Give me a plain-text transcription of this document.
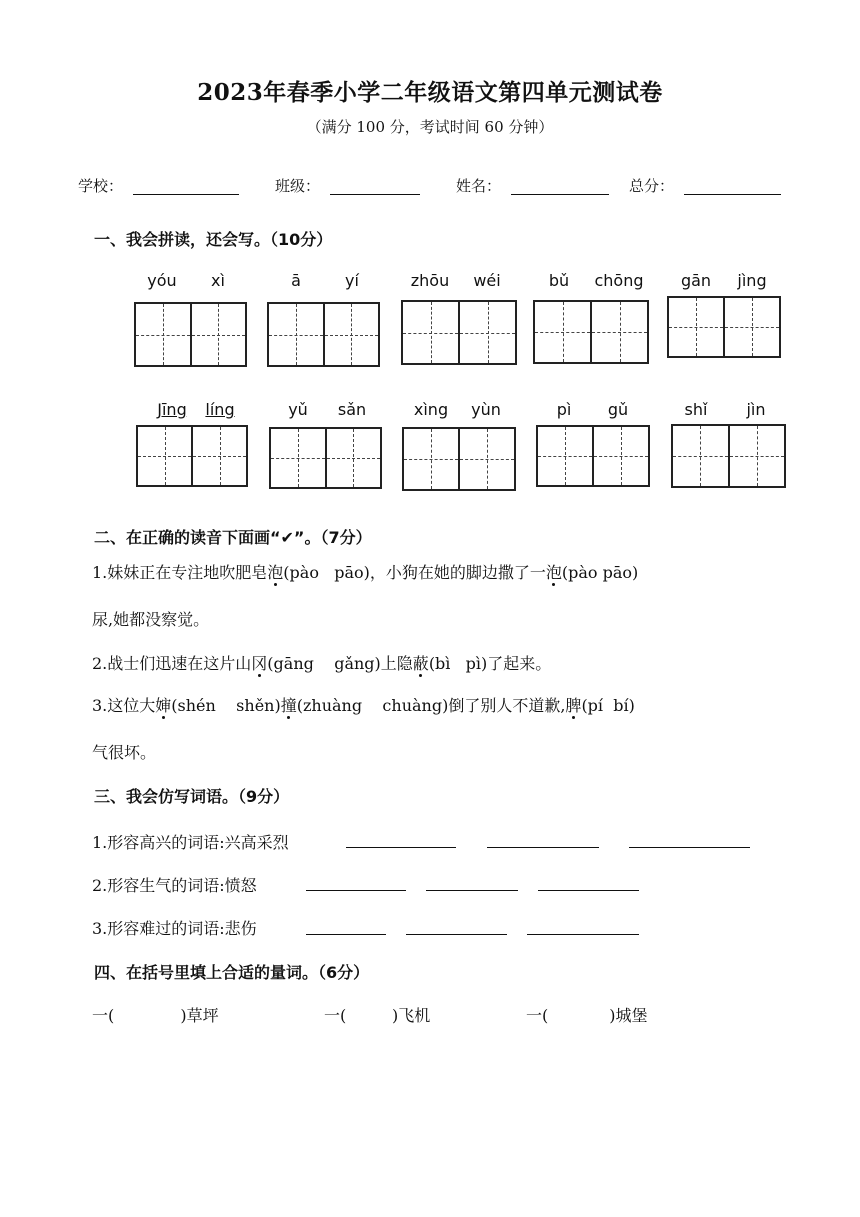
2023年春季小学二年级语文第四单元测试卷
（满分 100 分，考试时间 60 分钟）
学校：	班级：	姓名：	总分：
一、我会拼读，还会写。（10分）
yóu	xì	ā	yí	zhōu	wéi	bǔ	chōng	gān	jìng
Jīng	líng	yǔ	sǎn	xìng	yùn	pì	gǔ	shǐ	jìn
二、在正确的读音下面画“✔”。（7分）
1.妹妹正在专注地吹肥皂泡(pào   pāo)，小狗在她的脚边撒了一泡(pào pāo)
尿,她都没察觉。
2.战士们迅速在这片山冈(gāng    gǎng)上隐蔽(bì   pì)了起来。
3.这位大婶(shén    shěn)撞(zhuàng    chuàng)倒了别人不道歉,脾(pí  bí)
气很坏。
三、我会仿写词语。（9分）
1.形容高兴的词语:兴高采烈
2.形容生气的词语:愤怒
3.形容难过的词语:悲伤
四、在括号里填上合适的量词。（6分）
一(             )草坪	一(         )飞机	一(            )城堡
